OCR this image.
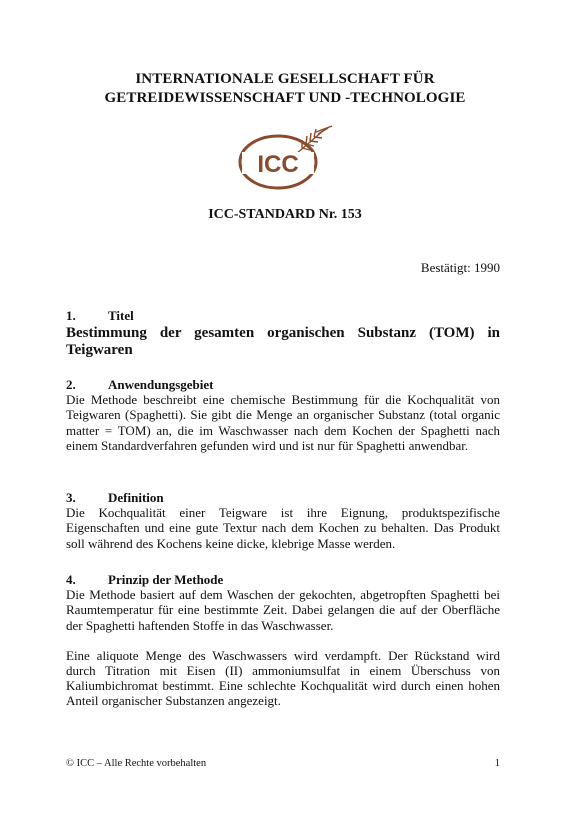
INTERNATIONALE GESELLSCHAFT FÜR
GETREIDEWISSENSCHAFT UND -TECHNOLOGIE
ICC
ICC-STANDARD Nr. 153
Bestätigt: 1990
1.	Titel
Bestimmung der gesamten organischen Substanz (TOM) in Teigwaren
2.	Anwendungsgebiet
Die Methode beschreibt eine chemische Bestimmung für die Kochqualität von Teigwaren (Spaghetti). Sie gibt die Menge an organischer Substanz (total organic matter = TOM) an, die im Waschwasser nach dem Kochen der Spaghetti nach einem Standardverfahren gefunden wird und ist nur für Spaghetti anwendbar.
3.	Definition
Die Kochqualität einer Teigware ist ihre Eignung, produktspezifische Eigenschaften und eine gute Textur nach dem Kochen zu behalten. Das Produkt soll während des Kochens keine dicke, klebrige Masse werden.
4.	Prinzip der Methode
Die Methode basiert auf dem Waschen der gekochten, abgetropften Spaghetti bei Raumtemperatur für eine bestimmte Zeit. Dabei gelangen die auf der Oberfläche der Spaghetti haftenden Stoffe in das Waschwasser.
Eine aliquote Menge des Waschwassers wird verdampft. Der Rückstand wird durch Titration mit Eisen (II) ammoniumsulfat in einem Überschuss von Kaliumbichromat bestimmt. Eine schlechte Kochqualität wird durch einen hohen Anteil organischer Substanzen angezeigt.
© ICC – Alle Rechte vorbehalten	1
